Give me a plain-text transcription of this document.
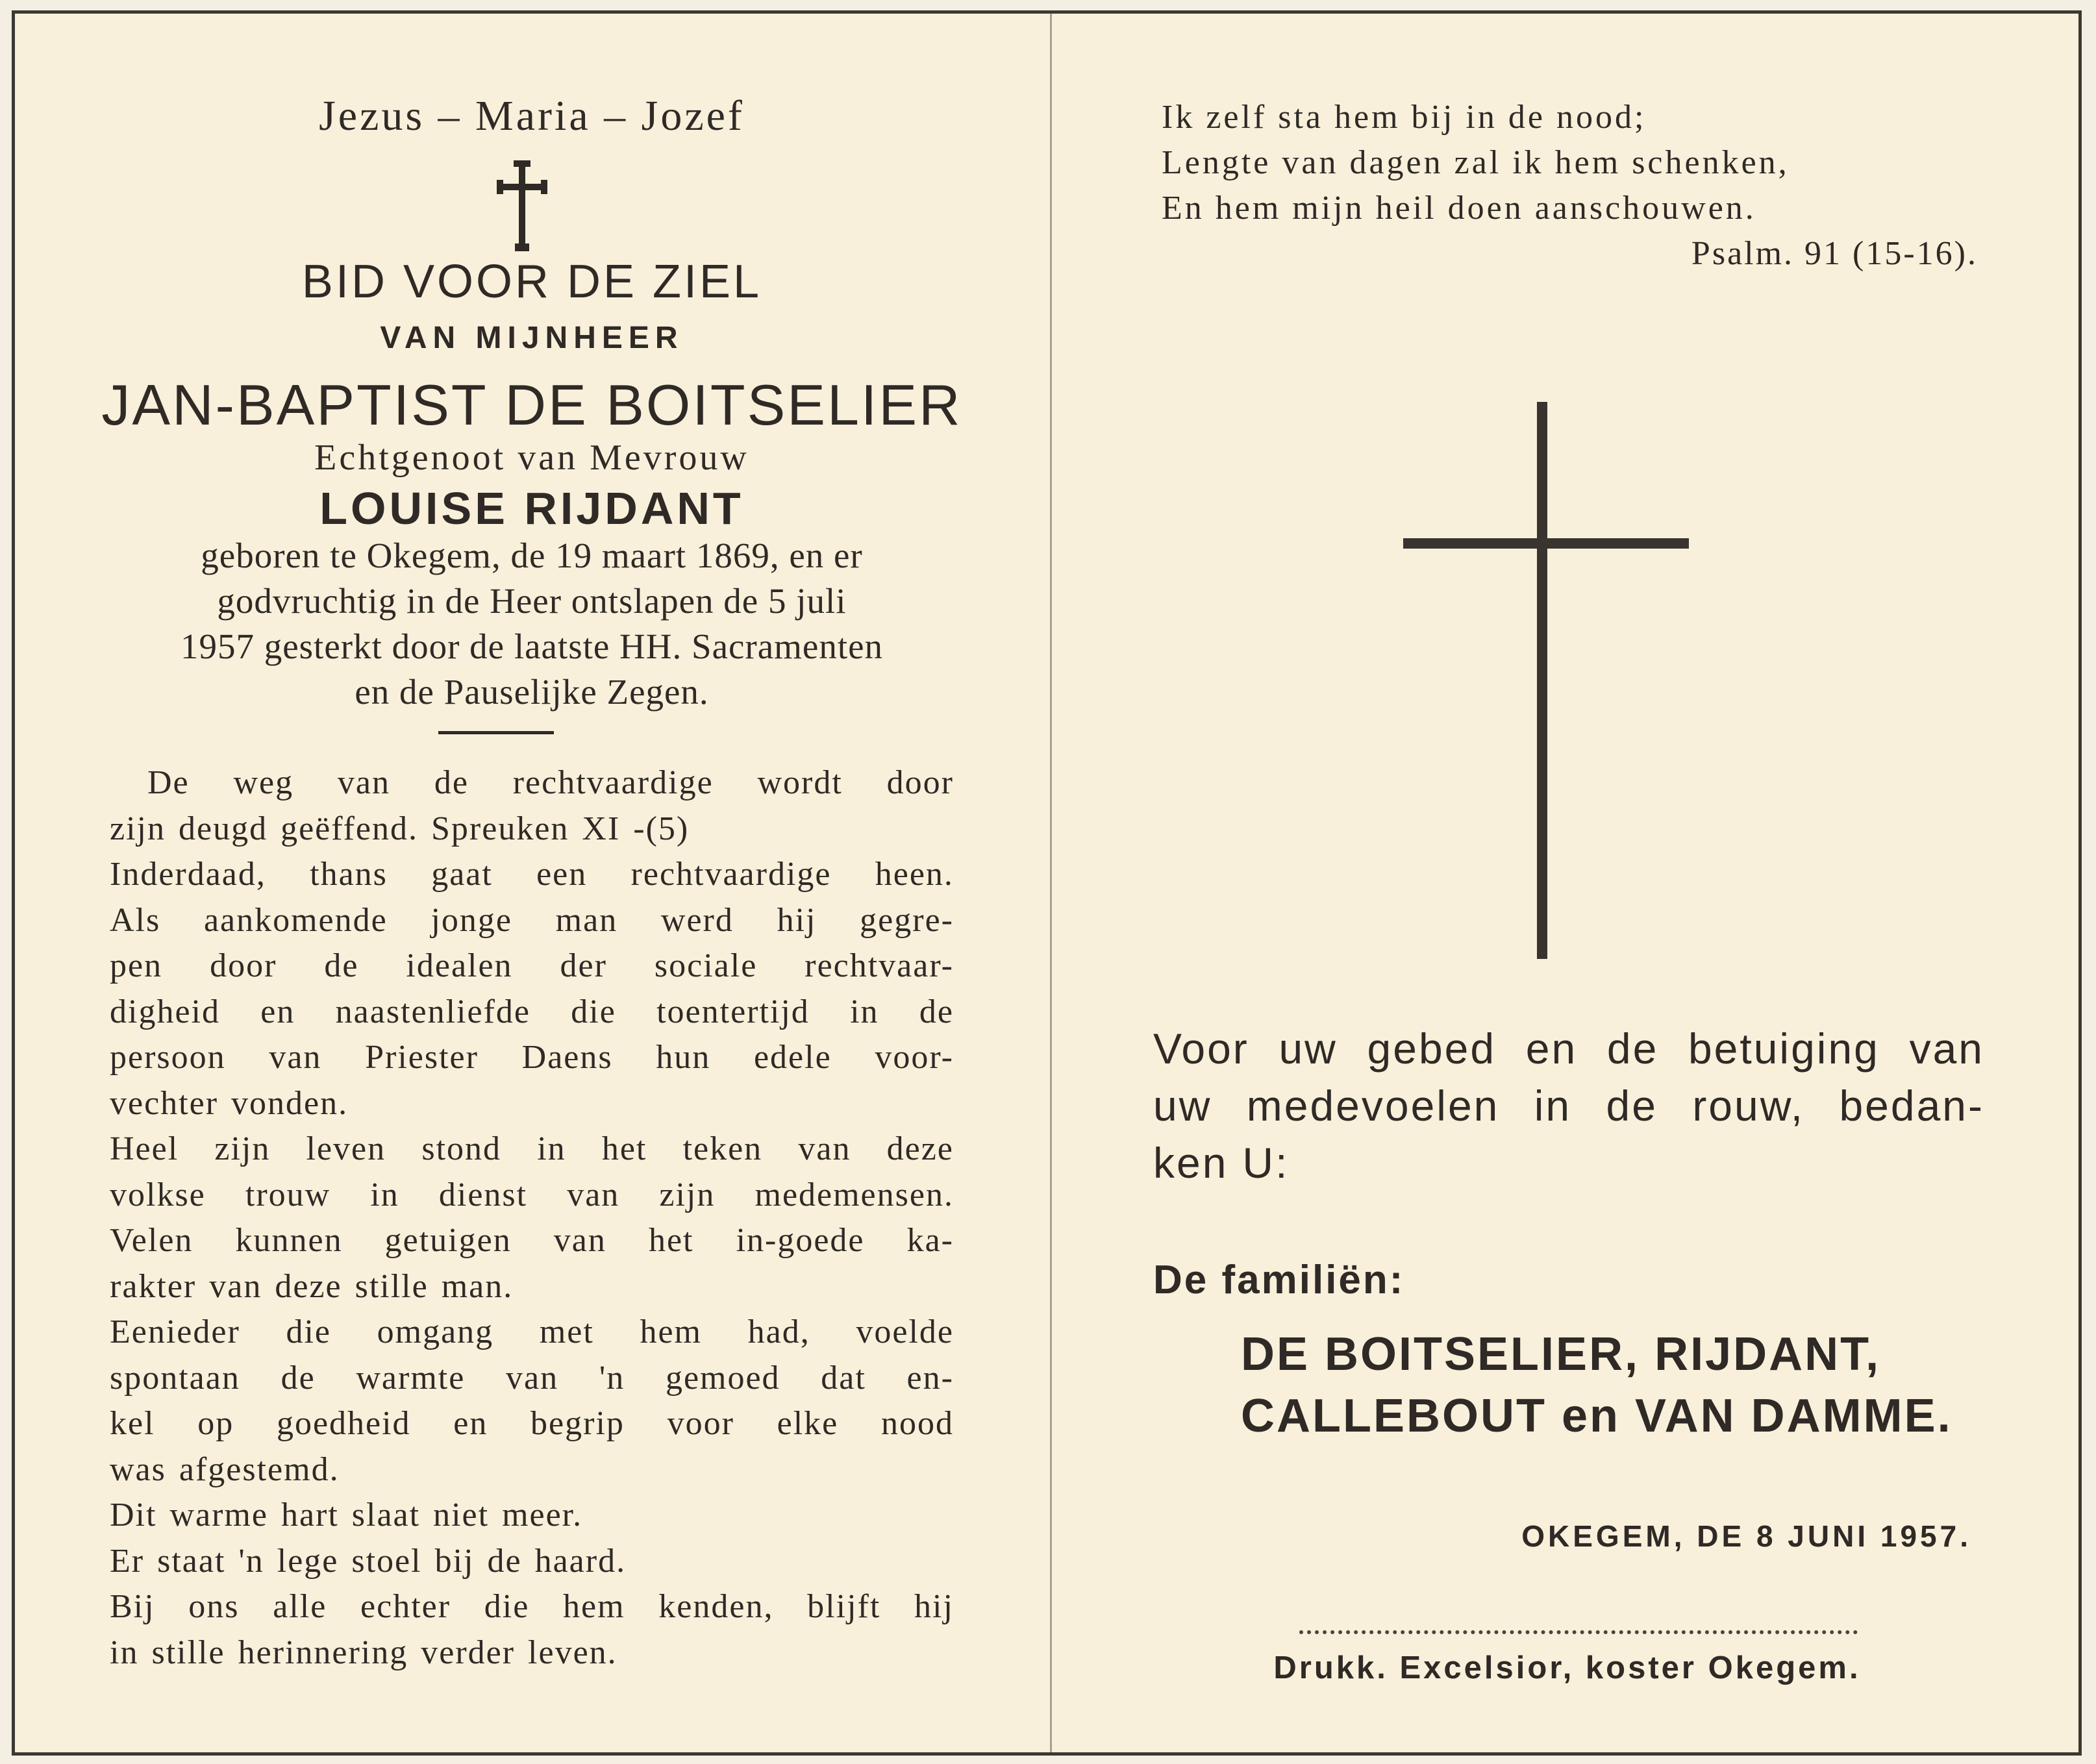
Jezus – Maria – Jozef
BID VOOR DE ZIEL
VAN MIJNHEER
JAN-BAPTIST DE BOITSELIER
Echtgenoot van Mevrouw
LOUISE RIJDANT
geboren te Okegem, de 19 maart 1869, en er
godvruchtig in de Heer ontslapen de 5 juli
1957 gesterkt door de laatste HH. Sacramenten
en de Pauselijke Zegen.
De weg van de rechtvaardige wordt door
zijn deugd geëffend. Spreuken XI -(5)
Inderdaad, thans gaat een rechtvaardige heen.
Als aankomende jonge man werd hij gegre-
pen door de idealen der sociale rechtvaar-
digheid en naastenliefde die toentertijd in de
persoon van Priester Daens hun edele voor-
vechter vonden.
Heel zijn leven stond in het teken van deze
volkse trouw in dienst van zijn medemensen.
Velen kunnen getuigen van het in-goede ka-
rakter van deze stille man.
Eenieder die omgang met hem had, voelde
spontaan de warmte van 'n gemoed dat en-
kel op goedheid en begrip voor elke nood
was afgestemd.
Dit warme hart slaat niet meer.
Er staat 'n lege stoel bij de haard.
Bij ons alle echter die hem kenden, blijft hij
in stille herinnering verder leven.
Ik zelf sta hem bij in de nood;
Lengte van dagen zal ik hem schenken,
En hem mijn heil doen aanschouwen.
Psalm. 91 (15-16).
Voor uw gebed en de betuiging van
uw medevoelen in de rouw, bedan-
ken U:
De familiën:
DE BOITSELIER, RIJDANT,
CALLEBOUT en VAN DAMME.
OKEGEM, DE 8 JUNI 1957.
Drukk. Excelsior, koster Okegem.
